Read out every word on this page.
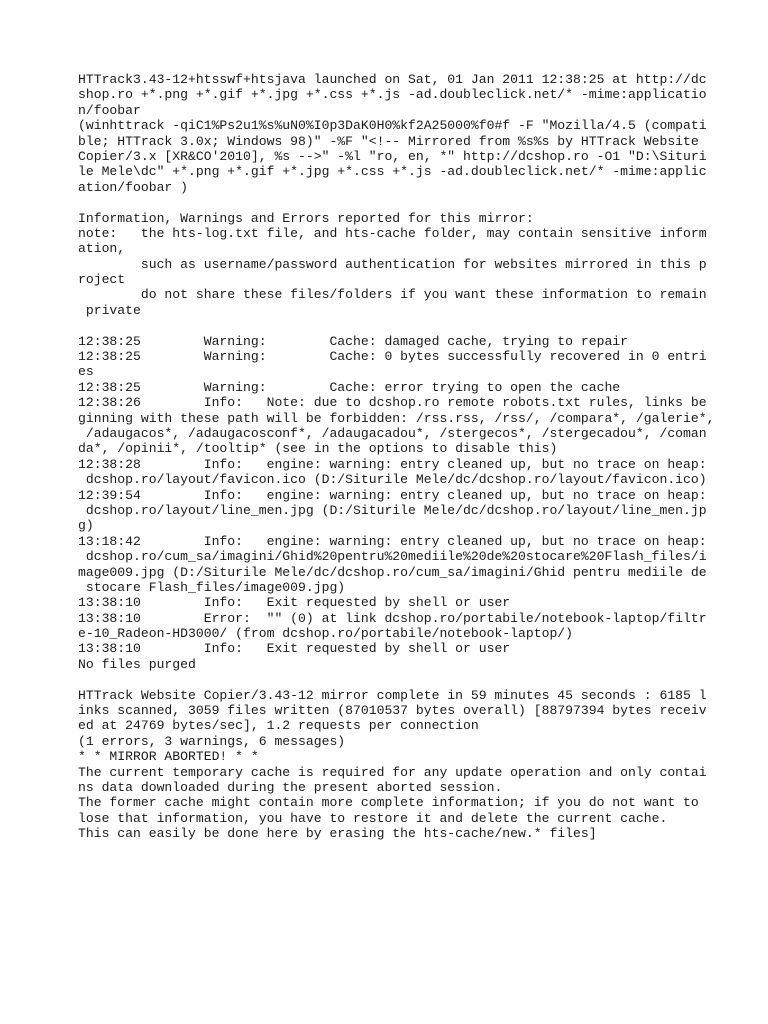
HTTrack3.43-12+htsswf+htsjava launched on Sat, 01 Jan 2011 12:38:25 at http://dc
shop.ro +*.png +*.gif +*.jpg +*.css +*.js -ad.doubleclick.net/* -mime:applicatio
n/foobar
(winhttrack -qiC1%Ps2u1%s%uN0%I0p3DaK0H0%kf2A25000%f0#f -F "Mozilla/4.5 (compati
ble; HTTrack 3.0x; Windows 98)" -%F "<!-- Mirrored from %s%s by HTTrack Website
Copier/3.x [XR&CO'2010], %s -->" -%l "ro, en, *" http://dcshop.ro -O1 "D:\Situri
le Mele\dc" +*.png +*.gif +*.jpg +*.css +*.js -ad.doubleclick.net/* -mime:applic
ation/foobar )
Information, Warnings and Errors reported for this mirror:
note:   the hts-log.txt file, and hts-cache folder, may contain sensitive inform
ation,
such as username/password authentication for websites mirrored in this p
roject
do not share these files/folders if you want these information to remain
private
12:38:25        Warning:        Cache: damaged cache, trying to repair
12:38:25        Warning:        Cache: 0 bytes successfully recovered in 0 entri
es
12:38:25        Warning:        Cache: error trying to open the cache
12:38:26        Info:   Note: due to dcshop.ro remote robots.txt rules, links be
ginning with these path will be forbidden: /rss.rss, /rss/, /compara*, /galerie*,
/adaugacos*, /adaugacosconf*, /adaugacadou*, /stergecos*, /stergecadou*, /coman
da*, /opinii*, /tooltip* (see in the options to disable this)
12:38:28        Info:   engine: warning: entry cleaned up, but no trace on heap:
dcshop.ro/layout/favicon.ico (D:/Siturile Mele/dc/dcshop.ro/layout/favicon.ico)
12:39:54        Info:   engine: warning: entry cleaned up, but no trace on heap:
dcshop.ro/layout/line_men.jpg (D:/Siturile Mele/dc/dcshop.ro/layout/line_men.jp
g)
13:18:42        Info:   engine: warning: entry cleaned up, but no trace on heap:
dcshop.ro/cum_sa/imagini/Ghid%20pentru%20mediile%20de%20stocare%20Flash_files/i
mage009.jpg (D:/Siturile Mele/dc/dcshop.ro/cum_sa/imagini/Ghid pentru mediile de
stocare Flash_files/image009.jpg)
13:38:10        Info:   Exit requested by shell or user
13:38:10        Error:  "" (0) at link dcshop.ro/portabile/notebook-laptop/filtr
e-10_Radeon-HD3000/ (from dcshop.ro/portabile/notebook-laptop/)
13:38:10        Info:   Exit requested by shell or user
No files purged
HTTrack Website Copier/3.43-12 mirror complete in 59 minutes 45 seconds : 6185 l
inks scanned, 3059 files written (87010537 bytes overall) [88797394 bytes receiv
ed at 24769 bytes/sec], 1.2 requests per connection
(1 errors, 3 warnings, 6 messages)
* * MIRROR ABORTED! * *
The current temporary cache is required for any update operation and only contai
ns data downloaded during the present aborted session.
The former cache might contain more complete information; if you do not want to
lose that information, you have to restore it and delete the current cache.
This can easily be done here by erasing the hts-cache/new.* files]
